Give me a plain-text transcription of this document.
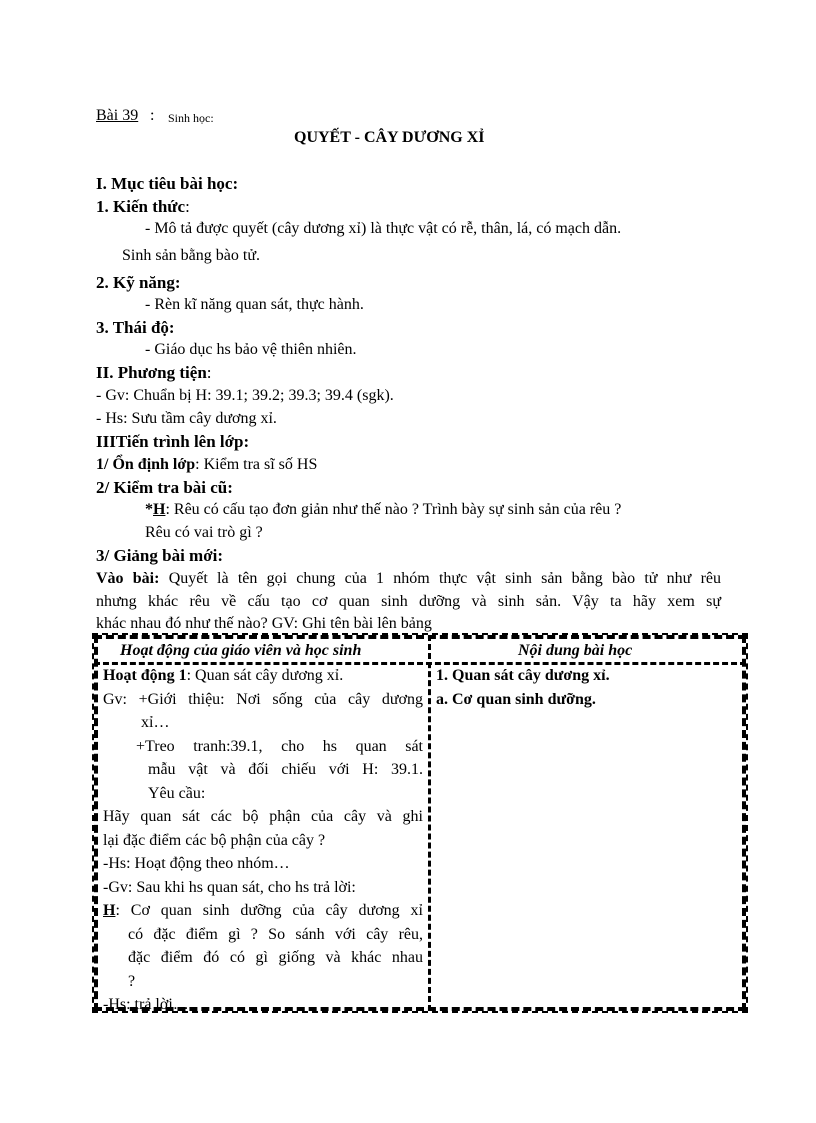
Bài 39 : Sinh học:
QUYẾT - CÂY DƯƠNG XỈ
I. Mục tiêu bài học:
1. Kiến thức:
- Mô tả được quyết (cây dương xỉ) là thực vật có rễ, thân, lá, có mạch dẫn.
Sinh sản bằng bào tử.
2. Kỹ năng:
- Rèn kĩ năng quan sát, thực hành.
3. Thái độ:
- Giáo dục hs bảo vệ thiên nhiên.
II. Phương tiện:
- Gv: Chuẩn bị H: 39.1; 39.2; 39.3; 39.4 (sgk).
- Hs: Sưu tầm cây dương xỉ.
IIITiến trình lên lớp:
1/ Ổn định lớp: Kiểm tra sĩ số HS
2/ Kiểm tra bài cũ:
*H: Rêu có cấu tạo đơn giản như thế nào ? Trình bày sự sinh sản của rêu ?
Rêu có vai trò gì ?
3/ Giảng bài mới:
Vào bài: Quyết là tên gọi chung của 1 nhóm thực vật sinh sản bằng bào tử như rêu
nhưng khác rêu về cấu tạo cơ quan sinh dưỡng và sinh sản. Vậy ta hãy xem sự
khác nhau đó như thế nào? GV: Ghi tên bài lên bảng
Hoạt động của giáo viên và học sinh	Nội dung bài học
Hoạt động 1: Quan sát cây dương xỉ.
Gv: +Giới thiệu: Nơi sống của cây dương
xỉ…
+Treo tranh:39.1, cho hs quan sát
mẫu vật và đối chiếu với H: 39.1.
Yêu cầu:
Hãy quan sát các bộ phận của cây và ghi
lại đặc điểm các bộ phận của cây ?
-Hs: Hoạt động theo nhóm…
-Gv: Sau khi hs quan sát, cho hs trả lời:
H: Cơ quan sinh dưỡng của cây dương xỉ
có đặc điểm gì ? So sánh với cây rêu,
đặc điểm đó có gì giống và khác nhau
?
-Hs: trả lời….
1. Quan sát cây dương xỉ.
a. Cơ quan sinh dưỡng.
